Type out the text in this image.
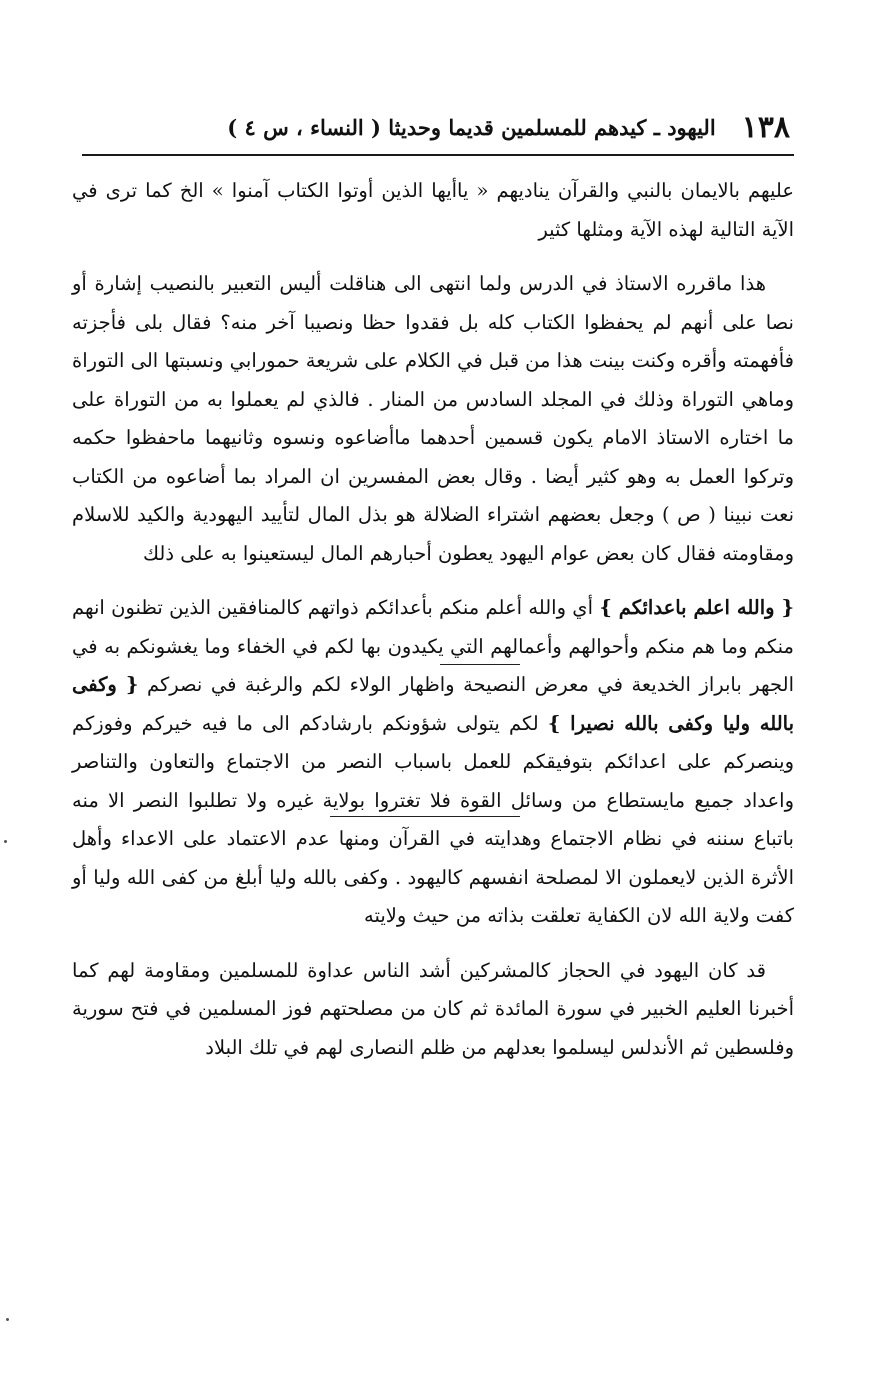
١٣٨
اليهود ـ كيدهم للمسلمين قديما وحديثا ( النساء ، س ٤ )

عليهم بالايمان بالنبي والقرآن يناديهم « ياأيها الذين أوتوا الكتاب آمنوا » الخ كما ترى في الآية التالية لهذه الآية ومثلها كثير

هذا ماقرره الاستاذ في الدرس ولما انتهى الى هناقلت أليس التعبير بالنصيب إشارة أو نصا على أنهم لم يحفظوا الكتاب كله بل فقدوا حظا ونصيبا آخر منه؟ فقال بلى فأجزته فأفهمته وأقره وكنت بينت هذا من قبل في الكلام على شريعة حمورابي ونسبتها الى التوراة وماهي التوراة وذلك في المجلد السادس من المنار . فالذي لم يعملوا به من التوراة على ما اختاره الاستاذ الامام يكون قسمين أحدهما ماأضاعوه ونسوه وثانيهما ماحفظوا حكمه وتركوا العمل به وهو كثير أيضا . وقال بعض المفسرين ان المراد بما أضاعوه من الكتاب نعت نبينا ( ص ) وجعل بعضهم اشتراء الضلالة هو بذل المال لتأييد اليهودية والكيد للاسلام ومقاومته فقال كان بعض عوام اليهود يعطون أحبارهم المال ليستعينوا به على ذلك

{ والله اعلم باعدائكم } أي والله أعلم منكم بأعدائكم ذواتهم كالمنافقين الذين تظنون انهم منكم وما هم منكم وأحوالهم وأعمالهم التي يكيدون بها لكم في الخفاء وما يغشونكم به في الجهر بابراز الخديعة في معرض النصيحة واظهار الولاء لكم والرغبة في نصركم { وكفى بالله وليا وكفى بالله نصيرا } لكم يتولى شؤونكم بارشادكم الى ما فيه خيركم وفوزكم وينصركم على اعدائكم بتوفيقكم للعمل باسباب النصر من الاجتماع والتعاون والتناصر واعداد جميع مايستطاع من وسائل القوة فلا تغتروا بولاية غيره ولا تطلبوا النصر الا منه باتباع سننه في نظام الاجتماع وهدايته في القرآن ومنها عدم الاعتماد على الاعداء وأهل الأثرة الذين لايعملون الا لمصلحة انفسهم كاليهود . وكفى بالله وليا أبلغ من كفى الله وليا أو كفت ولاية الله لان الكفاية تعلقت بذاته من حيث ولايته

قد كان اليهود في الحجاز كالمشركين أشد الناس عداوة للمسلمين ومقاومة لهم كما أخبرنا العليم الخبير في سورة المائدة ثم كان من مصلحتهم فوز المسلمين في فتح سورية وفلسطين ثم الأندلس ليسلموا بعدلهم من ظلم النصارى لهم في تلك البلاد
